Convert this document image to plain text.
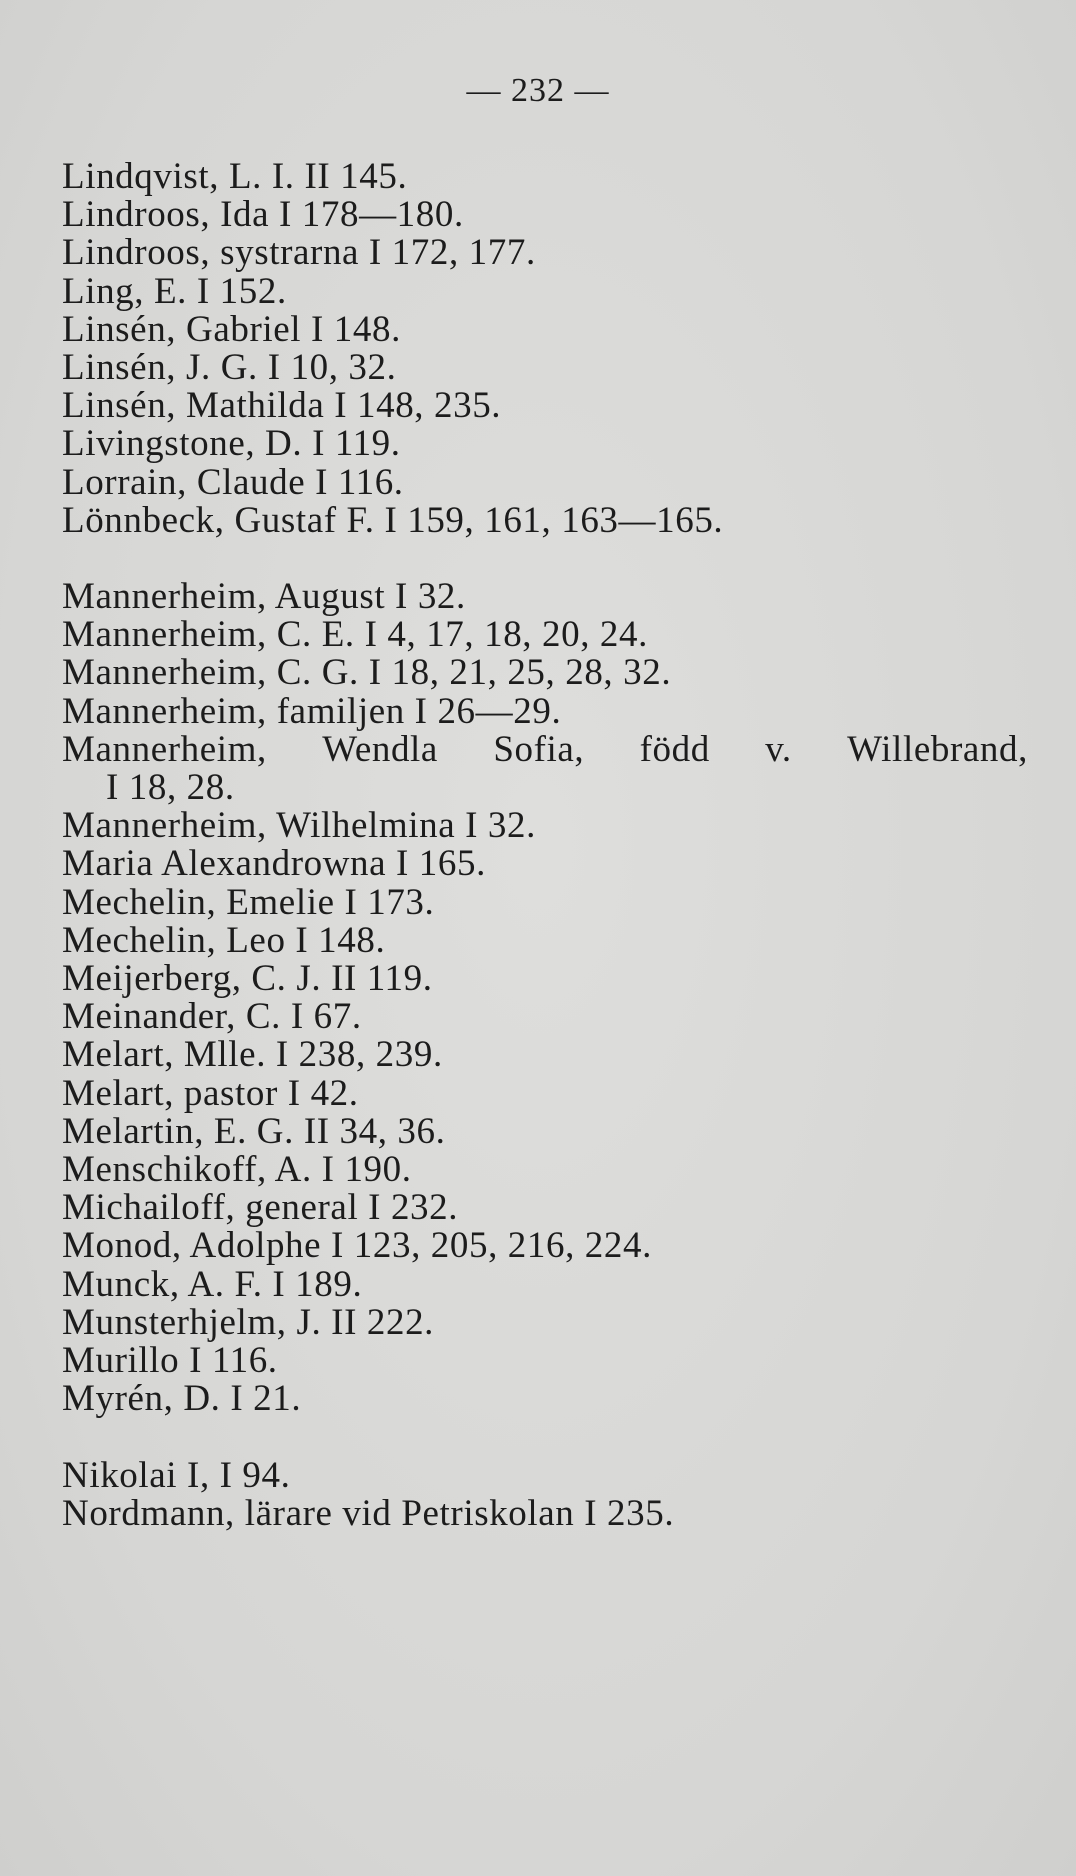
— 232 —
Lindqvist, L. I. II 145.
Lindroos, Ida I 178—180.
Lindroos, systrarna I 172, 177.
Ling, E. I 152.
Linsén, Gabriel I 148.
Linsén, J. G. I 10, 32.
Linsén, Mathilda I 148, 235.
Livingstone, D. I 119.
Lorrain, Claude I 116.
Lönnbeck, Gustaf F. I 159, 161, 163—165.
Mannerheim, August I 32.
Mannerheim, C. E. I 4, 17, 18, 20, 24.
Mannerheim, C. G. I 18, 21, 25, 28, 32.
Mannerheim, familjen I 26—29.
Mannerheim, Wendla Sofia, född v. Willebrand,
I 18, 28.
Mannerheim, Wilhelmina I 32.
Maria Alexandrowna I 165.
Mechelin, Emelie I 173.
Mechelin, Leo I 148.
Meijerberg, C. J. II 119.
Meinander, C. I 67.
Melart, Mlle. I 238, 239.
Melart, pastor I 42.
Melartin, E. G. II 34, 36.
Menschikoff, A. I 190.
Michailoff, general I 232.
Monod, Adolphe I 123, 205, 216, 224.
Munck, A. F. I 189.
Munsterhjelm, J. II 222.
Murillo I 116.
Myrén, D. I 21.
Nikolai I, I 94.
Nordmann, lärare vid Petriskolan I 235.
